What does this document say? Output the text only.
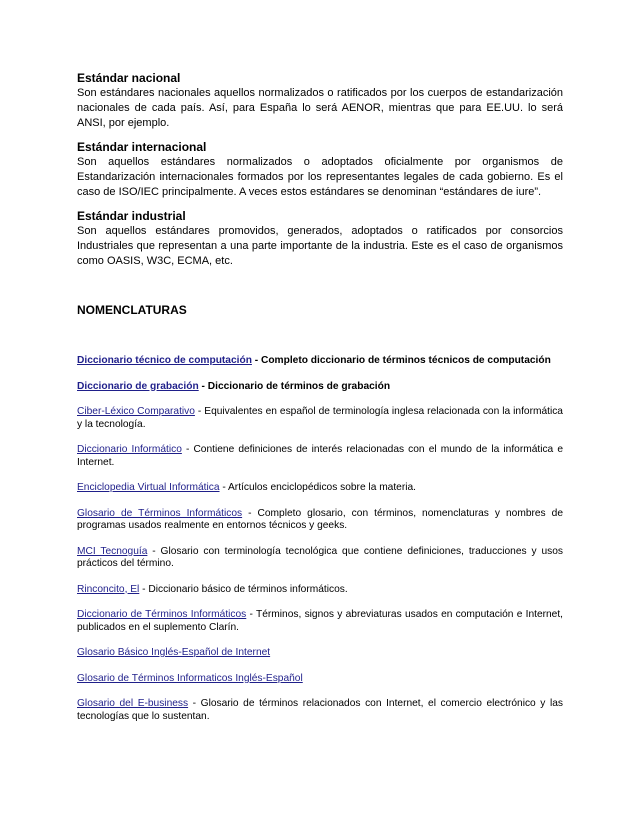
Estándar nacional
Son estándares nacionales aquellos normalizados o ratificados por los cuerpos de estandarización nacionales de cada país. Así, para España lo será AENOR, mientras que para EE.UU. lo será ANSI, por ejemplo.
Estándar internacional
Son aquellos estándares normalizados o adoptados oficialmente por organismos de Estandarización internacionales formados por los representantes legales de cada gobierno. Es el caso de ISO/IEC principalmente. A veces estos estándares se denominan “estándares de iure”.
Estándar industrial
Son aquellos estándares promovidos, generados, adoptados o ratificados por consorcios Industriales que representan a una parte importante de la industria. Este es el caso de organismos como OASIS, W3C, ECMA, etc.
NOMENCLATURAS
Diccionario técnico de computación - Completo diccionario de términos técnicos de computación
Diccionario de grabación - Diccionario de términos de grabación
Ciber-Léxico Comparativo - Equivalentes en español de terminología inglesa relacionada con la informática y la tecnología.
Diccionario Informático - Contiene definiciones de interés relacionadas con el mundo de la informática e Internet.
Enciclopedia Virtual Informática - Artículos enciclopédicos sobre la materia.
Glosario de Términos Informáticos - Completo glosario, con términos, nomenclaturas y nombres de programas usados realmente en entornos técnicos y geeks.
MCI Tecnoguía - Glosario con terminología tecnológica que contiene definiciones, traducciones y usos prácticos del término.
Rinconcito, El - Diccionario básico de términos informáticos.
Diccionario de Términos Informáticos - Términos, signos y abreviaturas usados en computación e Internet, publicados en el suplemento Clarín.
Glosario Básico Inglés-Español de Internet
Glosario de Términos Informaticos Inglés-Español
Glosario del E-business - Glosario de términos relacionados con Internet, el comercio electrónico y las tecnologías que lo sustentan.
